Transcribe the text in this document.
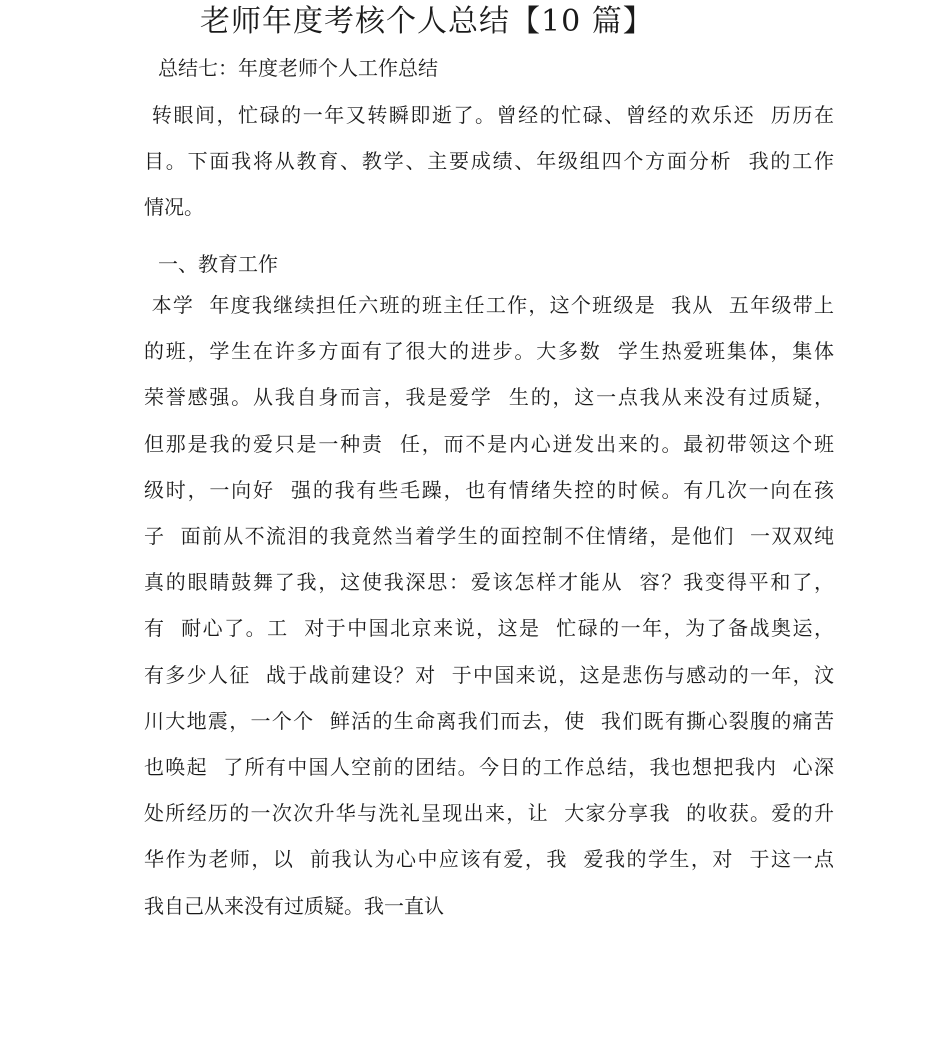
老师年度考核个人总结【10 篇】

总结七：年度老师个人工作总结

转眼间，忙碌的一年又转瞬即逝了。曾经的忙碌、曾经的欢乐还  历历在
目。下面我将从教育、教学、主要成绩、年级组四个方面分析  我的工作
情况。
一、教育工作
本学  年度我继续担任六班的班主任工作，这个班级是  我从  五年级带上
的班，学生在许多方面有了很大的进步。大多数  学生热爱班集体，集体
荣誉感强。从我自身而言，我是爱学  生的，这一点我从来没有过质疑，
但那是我的爱只是一种责  任，而不是内心迸发出来的。最初带领这个班
级时，一向好  强的我有些毛躁，也有情绪失控的时候。有几次一向在孩
子  面前从不流泪的我竟然当着学生的面控制不住情绪，是他们  一双双纯
真的眼睛鼓舞了我，这使我深思：爱该怎样才能从  容？我变得平和了，
有  耐心了。工  对于中国北京来说，这是  忙碌的一年，为了备战奥运，
有多少人征  战于战前建设？对  于中国来说，这是悲伤与感动的一年，汶
川大地震，一个个  鲜活的生命离我们而去，使  我们既有撕心裂腹的痛苦
也唤起  了所有中国人空前的团结。今日的工作总结，我也想把我内  心深
处所经历的一次次升华与洗礼呈现出来，让  大家分享我  的收获。爱的升
华作为老师，以  前我认为心中应该有爱，我  爱我的学生，对  于这一点
我自己从来没有过质疑。我一直认
